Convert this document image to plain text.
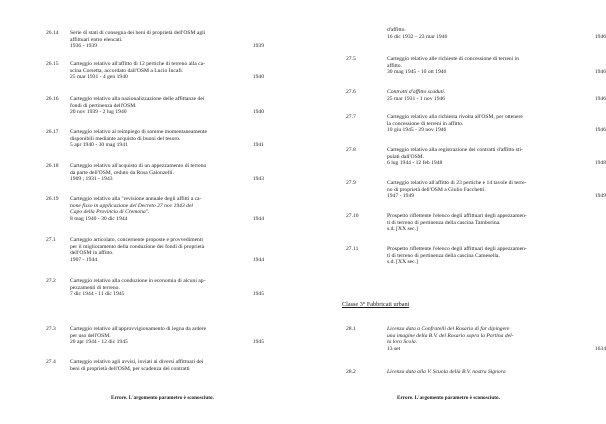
26.14 Serie di stati di consegna dei beni di proprietà dell'OSM agli
affittuari entro elencati.
1936 - 1939	1939
26.15 Carteggio relativo all'affitto di 12 pertiche di terreno alla ca-
scina Corsetta, accordato dall'OSM a Lucio Incafi.
25 mar 1931 - 4 gen 1940	1940
26.16 Carteggio relativo alla nazionalizzazione delle affittanze dei
fondi di pertinenza dell'OSM.
20 nov 1939 - 2 lug 1940	1940
26.17 Carteggio relativo al reimpiego di somme momentaneamente
disponibili mediante acquisto di buoni del tesoro.
5 apr 1940 - 30 mag 1941	1941
26.18 Carteggio relativo all'acquisto di un appezzamento di terreno
da parte dell'OSM, ceduto da Rosa Galonzelli.
1909 ; 1931 - 1943	1943
26.19 Carteggio relativo alla "revisione annuale degli affitti a ca-
none fisso in applicazione del Decreto 27 nov 1943 del
Capo della Provincia di Cremona".
8 mag 1940 - 30 dic 1944	1944
27.1	Carteggio articolato, concernente proposte e provvedimenti
per il miglioramento della conduzione dei fondi di proprietà
dell'OSM in affitto.
1907 - 1944	1944
27.2	Carteggio relativo alla conduzione in economia di alcuni ap-
pezzamenti di terreno.
7 dic 1944 - 11 dic 1945	1945
27.3	Carteggio relativo all'approvvigionamento di legna da ardere
per uso dell'OSM.
20 apr 1944 - 12 dic 1945	1945
27.4	Carteggio relativo agli avvisi, inviati ai diversi affittuari dei
beni di proprietà dell'OSM, per scadenza dei contratti
d'affitto.
16 dic 1932 – 23 mar 1946	1946
27.5	Carteggio relativo alle richieste di concessione di terreni in
affitto.
30 mag 1945 - 10 ott 1946	1946
27.6	Contratti d'affitto scaduti.
25 mar 1931 - 1 nov 1946	1946
27.7	Carteggio relativo alla richiesta rivolta all'OSM, per ottenere
la concessione di terreni in affitto.
10 giu 1945 - 29 nov 1946	1946
27.8	Carteggio relativo alla registrazione dei contratti d'affitto sti-
pulati dall'OSM.
6 lug 1944 - 12 feb 1948	1948
27.9	Carteggio relativo all'affitto di 23 pertiche e 14 tavole di terre-
no di proprietà dell'OSM a Giulio Facchetti.
1947 - 1949	1949
27.10	Prospetto riflettente l'elenco degli affittuari degli appezzamen-
ti di terreno di pertinenza della cascina Tamborina.
s.d. [XX sec.]
27.11	Prospetto riflettente l'elenco degli affittuari degli appezzamen-
ti di terreno di pertinenza della cascina Camesella.
s.d. [XX sec.]
28.1	Licenza data a Confratelli del Rosario di far dipingere
una imagine della B.V. del Rosario sopra la Portina del-
la loro Scola.
13 set	1634
28.2	Licenza data alla V. Scuola della B.V. nostra Signora
Classe 3° Fabbricati urbani
Errore. L'argomento parametro è sconosciuto.	Errore. L'argomento parametro è sconosciuto.
